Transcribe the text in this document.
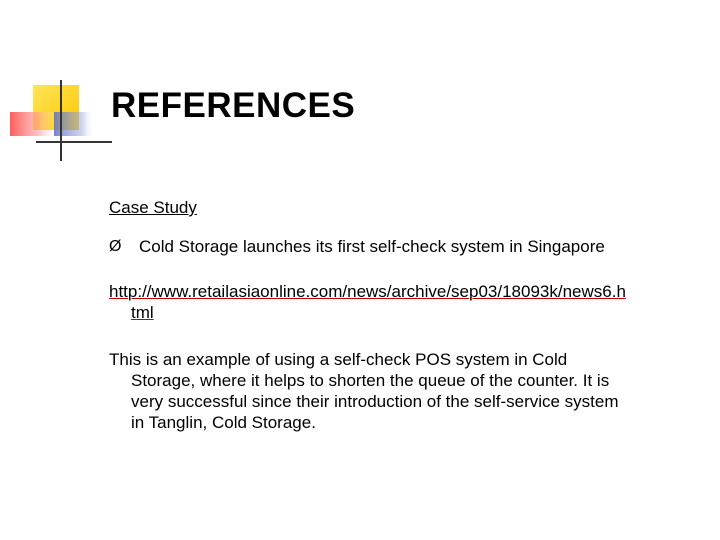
REFERENCES
Case Study
Ø	Cold Storage launches its first self-check system in Singapore
http://www.retailasiaonline.com/news/archive/sep03/18093k/news6.html

This is an example of using a self-check POS system in Cold Storage, where it helps to shorten the queue of the counter. It is very successful since their introduction of the self-service system in Tanglin, Cold Storage.
